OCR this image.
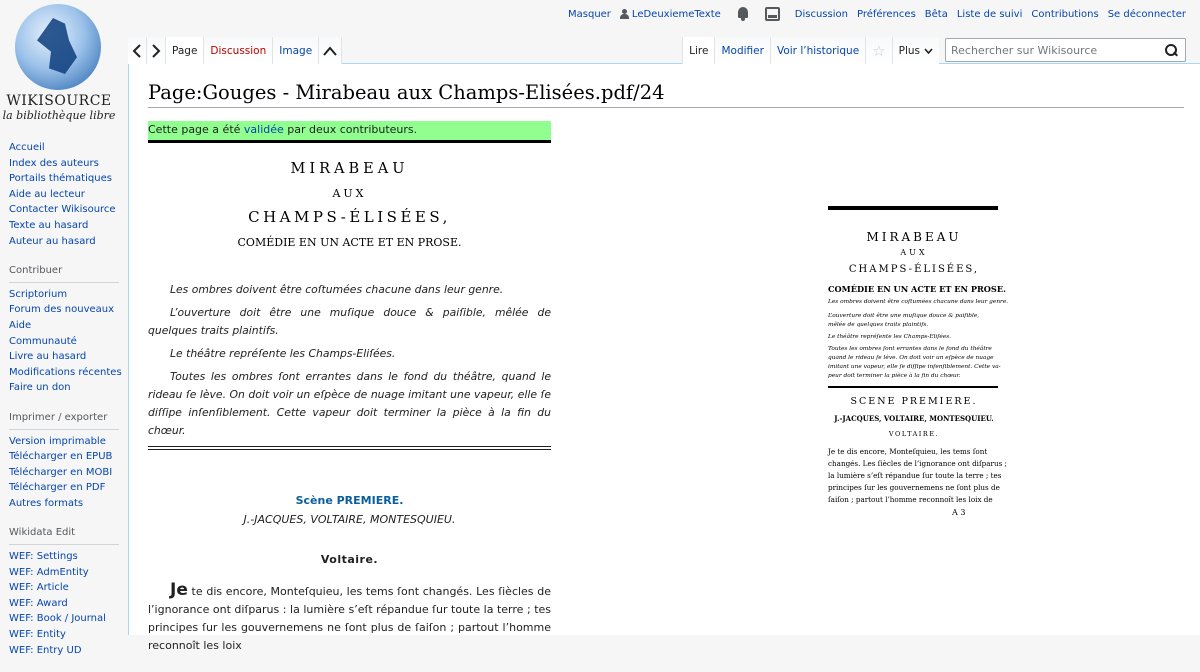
WIKISOURCE
la bibliothèque libre
Accueil
Index des auteurs
Portails thématiques
Aide au lecteur
Contacter Wikisource
Texte au hasard
Auteur au hasard
Contribuer
Scriptorium
Forum des nouveaux
Aide
Communauté
Livre au hasard
Modifications récentes
Faire un don
Imprimer / exporter
Version imprimable
Télécharger en EPUB
Télécharger en MOBI
Télécharger en PDF
Autres formats
Wikidata Edit
WEF: Settings
WEF: AdmEntity
WEF: Article
WEF: Award
WEF: Book / Journal
WEF: Entity
WEF: Entry UD
Masquer LeDeuxiemeTexte	Discussion Préférences Bêta Liste de suivi Contributions Se déconnecter
Page:Gouges - Mirabeau aux Champs-Elisées.pdf/24
Cette page a été validée par deux contributeurs.
MIRABEAU
AUX
CHAMPS-ÉLISÉES,
COMÉDIE EN UN ACTE ET EN PROSE.

Les ombres doivent être coſtumées chacune dans leur genre.

L’ouverture doit être une muſique douce & paiſible, mêlée de quelques traits plaintifs.

Le théâtre repréſente les Champs-Eliſées.

Toutes les ombres ſont errantes dans le fond du théâtre, quand le rideau ſe lève. On doit voir un eſpèce de nuage imitant une vapeur, elle ſe diſſipe inſenſiblement. Cette vapeur doit terminer la pièce à la fin du chœur.

Scène PREMIERE.
J.-JACQUES, VOLTAIRE, MONTESQUIEU.
Voltaire.
Je te dis encore, Monteſquieu, les tems ſont changés. Les ſiècles de l’ignorance ont diſparus : la lumière s’eſt répandue ſur toute la terre ; tes principes ſur les gouvernemens ne ſont plus de ſaiſon ; partout l’homme reconnoît les loix
MIRABEAU
AUX
CHAMPS-ÉLISÉES,
COMÉDIE EN UN ACTE ET EN PROSE.
Les ombres doivent être coſtumées chacune dans leur genre.
L’ouverture doit être une muſique douce & paiſible,
mêlée de quelques traits plaintifs.
Le théâtre repréſente les Champs-Eliſées.
Toutes les ombres ſont errantes dans le fond du théâtre
quand le rideau ſe lève. On doit voir un eſpèce de nuage
imitant une vapeur, elle ſe diſſipe inſenſiblement. Cette va-
peur doit terminer la pièce à la fin du chœur.
SCENE PREMIERE.
J.-JACQUES, VOLTAIRE, MONTESQUIEU.
VOLTAIRE.
Je te dis encore, Monteſquieu, les tems ſont
changés. Les ſiècles de l’ignorance ont diſparus ;
la lumière s’eſt répandue ſur toute la terre ; tes
principes ſur les gouvernemens ne ſont plus de
ſaiſon ; partout l’homme reconnoît les loix de
A 3
Page	Discussion	Image	Lire	Modifier	Voir l’historique ☆ Plus
Rechercher sur Wikisource
